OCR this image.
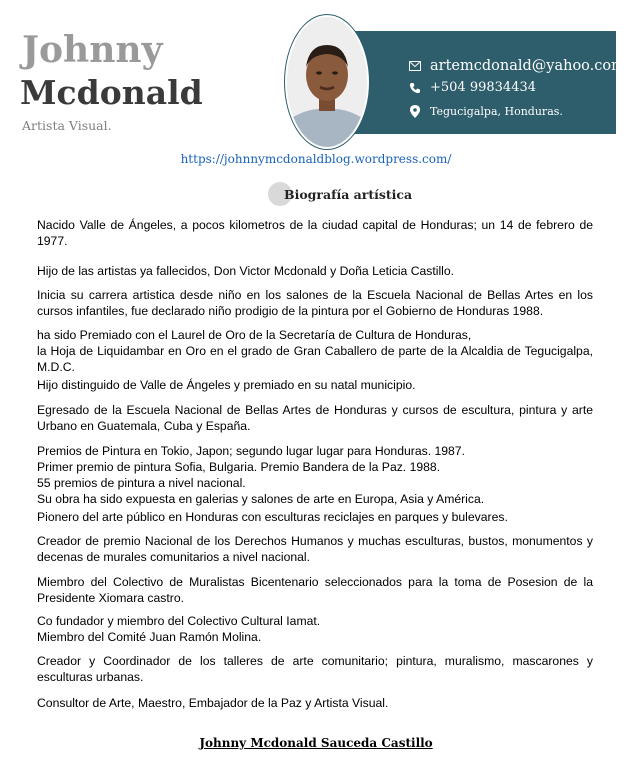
Johnny
Mcdonald
Artista Visual.
artemcdonald@yahoo.com
+504 99834434
Tegucigalpa, Honduras.
https://johnnymcdonaldblog.wordpress.com/
Biografía artística

Nacido Valle de Ángeles, a pocos kilometros de la ciudad capital de Honduras; un 14 de febrero de 1977.

Hijo de las artistas ya fallecidos, Don Victor Mcdonald y Doña Leticia Castillo.

Inicia su carrera artistica desde niño en los salones de la Escuela Nacional de Bellas Artes en los cursos infantiles, fue declarado niño prodigio de la pintura por el Gobierno de Honduras 1988.

ha sido Premiado con el Laurel de Oro de la Secretaría de Cultura de Honduras,
la Hoja de Liquidambar en Oro en el grado de Gran Caballero de parte de la Alcaldia de Tegucigalpa, M.D.C.

Hijo distinguido de Valle de Ángeles y premiado en su natal municipio.

Egresado de la Escuela Nacional de Bellas Artes de Honduras y cursos de escultura, pintura y arte Urbano en Guatemala, Cuba y España.

Premios de Pintura en Tokio, Japon; segundo lugar lugar para Honduras. 1987.
Primer premio de pintura Sofia, Bulgaria. Premio Bandera de la Paz. 1988.
55 premios de pintura a nivel nacional.
Su obra ha sido expuesta en galerias y salones de arte en Europa, Asia y América.

Pionero del arte público en Honduras con esculturas reciclajes en parques y bulevares.

Creador de premio Nacional de los Derechos Humanos y muchas esculturas, bustos, monumentos y decenas de murales comunitarios a nivel nacional.

Miembro del Colectivo de Muralistas Bicentenario seleccionados para la toma de Posesion de la Presidente Xiomara castro.

Co fundador y miembro del Colectivo Cultural Iamat.
Miembro del Comité Juan Ramón Molina.

Creador y Coordinador de los talleres de arte comunitario; pintura, muralismo, mascarones y esculturas urbanas.

Consultor de Arte, Maestro, Embajador de la Paz y Artista Visual.

Johnny Mcdonald Sauceda Castillo
